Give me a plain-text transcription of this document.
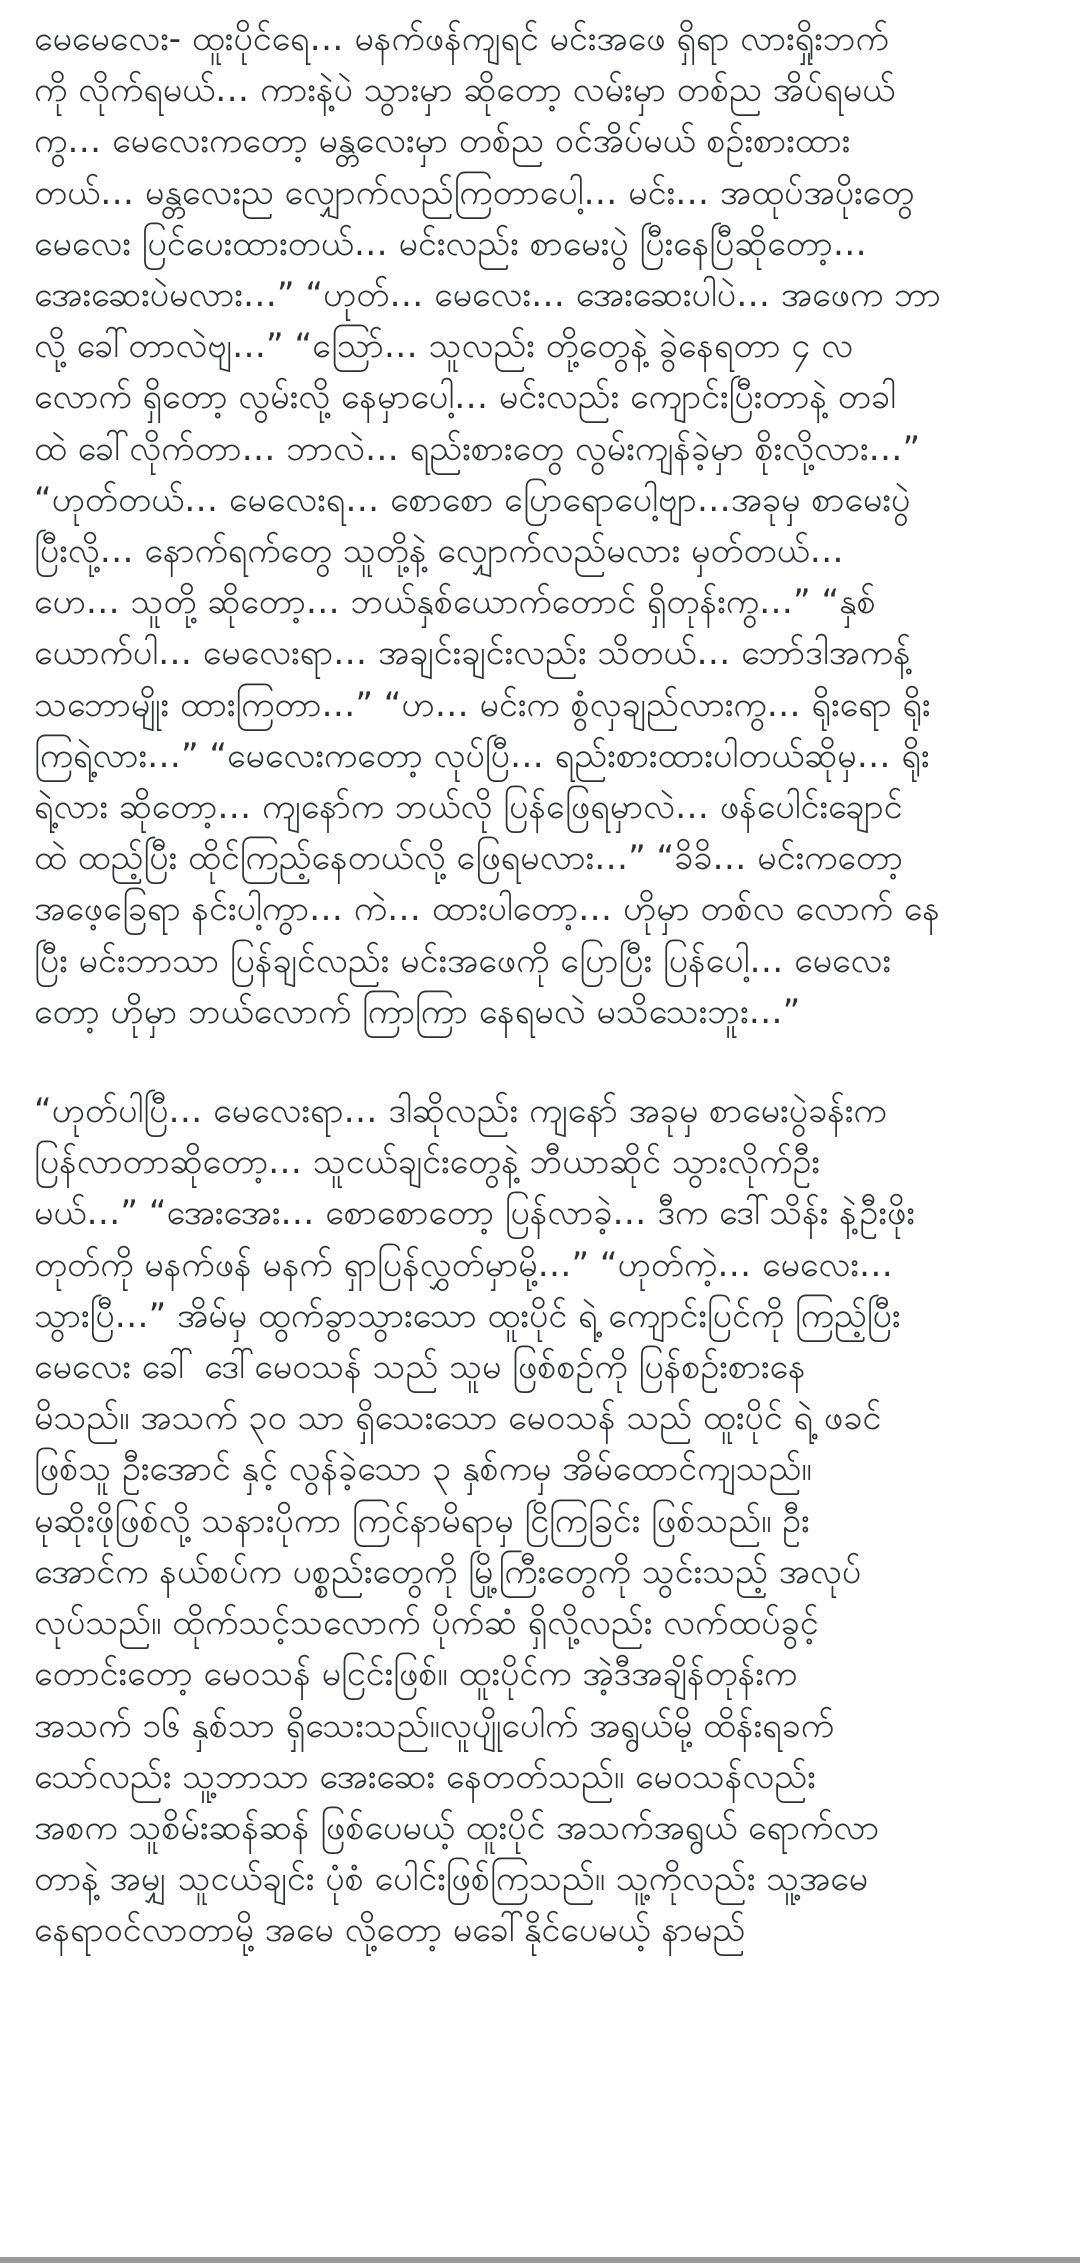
မေမေလေး- ထူးပိုင်ရေ… မနက်ဖန်ကျရင် မင်းအဖေ ရှိရာ လားရှိုးဘက်
ကို လိုက်ရမယ်… ကားနဲ့ပဲ သွားမှာ ဆိုတော့ လမ်းမှာ တစ်ည အိပ်ရမယ်
ကွ… မေလေးကတော့ မန္တလေးမှာ တစ်ည ဝင်အိပ်မယ် စဉ်းစားထား
တယ်… မန္တလေးည လျှောက်လည်ကြတာပေါ့… မင်း… အထုပ်အပိုးတွေ
မေလေး ပြင်ပေးထားတယ်… မင်းလည်း စာမေးပွဲ ပြီးနေပြီဆိုတော့…
အေးဆေးပဲမလား…” “ဟုတ်… မေလေး… အေးဆေးပါပဲ… အဖေက ဘာ
လို့ ခေါ်တာလဲဗျ…” “သြော်… သူလည်း တို့တွေနဲ့ ခွဲနေရတာ ၄ လ
လောက် ရှိတော့ လွမ်းလို့ နေမှာပေါ့… မင်းလည်း ကျောင်းပြီးတာနဲ့ တခါ
ထဲ ခေါ်လိုက်တာ… ဘာလဲ… ရည်းစားတွေ လွမ်းကျန်ခဲ့မှာ စိုးလို့လား…”
“ဟုတ်တယ်… မေလေးရ… စောစော ပြောရောပေါ့ဗျာ…အခုမှ စာမေးပွဲ
ပြီးလို့… နောက်ရက်တွေ သူတို့နဲ့ လျှောက်လည်မလား မှတ်တယ်…
ဟေ… သူတို့ ဆိုတော့… ဘယ်နှစ်ယောက်တောင် ရှိတုန်းကွ…” “နှစ်
ယောက်ပါ… မေလေးရာ… အချင်းချင်းလည်း သိတယ်… ဘော်ဒါအကန့်
သဘောမျိုး ထားကြတာ…” “ဟ… မင်းက စွံလှချည်လားကွ… ရိုးရော ရိုး
ကြရဲ့လား…” “မေလေးကတော့ လုပ်ပြီ… ရည်းစားထားပါတယ်ဆိုမှ… ရိုး
ရဲ့လား ဆိုတော့… ကျနော်က ဘယ်လို ပြန်ဖြေရမှာလဲ… ဖန်ပေါင်းချောင်
ထဲ ထည့်ပြီး ထိုင်ကြည့်နေတယ်လို့ ဖြေရမလား…” “ခိခိ… မင်းကတော့
အဖေ့ခြေရာ နင်းပါ့ကွာ… ကဲ… ထားပါတော့… ဟိုမှာ တစ်လ လောက် နေ
ပြီး မင်းဘာသာ ပြန်ချင်လည်း မင်းအဖေကို ပြောပြီး ပြန်ပေါ့… မေလေး
တော့ ဟိုမှာ ဘယ်လောက် ကြာကြာ နေရမလဲ မသိသေးဘူး…”
“ဟုတ်ပါပြီ… မေလေးရာ… ဒါဆိုလည်း ကျနော် အခုမှ စာမေးပွဲခန်းက
ပြန်လာတာဆိုတော့… သူငယ်ချင်းတွေနဲ့ ဘီယာဆိုင် သွားလိုက်ဦး
မယ်…” “အေးအေး… စောစောတော့ ပြန်လာခဲ့… ဒီက ဒေါ်သိန်း နဲ့ဦးဖိုး
တုတ်ကို မနက်ဖန် မနက် ရှာပြန်လွှတ်မှာမို့…” “ဟုတ်ကဲ့… မေလေး…
သွားပြီ…” အိမ်မှ ထွက်ခွာသွားသော ထူးပိုင် ရဲ့ ကျောင်းပြင်ကို ကြည့်ပြီး
မေလေး ခေါ် ဒေါ်မေဝသန် သည် သူမ ဖြစ်စဉ်ကို ပြန်စဉ်းစားနေ
မိသည်။ အသက် ၃၀ သာ ရှိသေးသော မေဝသန် သည် ထူးပိုင် ရဲ့ ဖခင်
ဖြစ်သူ ဦးအောင် နှင့် လွန်ခဲ့သော ၃ နှစ်ကမှ အိမ်ထောင်ကျသည်။
မုဆိုးဖိုဖြစ်လို့ သနားပိုကာ ကြင်နာမိရာမှ ငြိကြခြင်း ဖြစ်သည်။ ဦး
အောင်က နယ်စပ်က ပစ္စည်းတွေကို မြို့ကြီးတွေကို သွင်းသည့် အလုပ်
လုပ်သည်။ ထိုက်သင့်သလောက် ပိုက်ဆံ ရှိလို့လည်း လက်ထပ်ခွင့်
တောင်းတော့ မေဝသန် မငြင်းဖြစ်။ ထူးပိုင်က အဲ့ဒီအချိန်တုန်းက
အသက် ၁၆ နှစ်သာ ရှိသေးသည်။လူပျိုပေါက် အရွယ်မို့ ထိန်းရခက်
သော်လည်း သူ့ဘာသာ အေးဆေး နေတတ်သည်။ မေဝသန်လည်း
အစက သူစိမ်းဆန်ဆန် ဖြစ်ပေမယ့် ထူးပိုင် အသက်အရွယ် ရောက်လာ
တာနဲ့ အမျှ သူငယ်ချင်း ပုံစံ ပေါင်းဖြစ်ကြသည်။ သူ့ကိုလည်း သူ့အမေ
နေရာဝင်လာတာမို့ အမေ လို့တော့ မခေါ်နိုင်ပေမယ့် နာမည်
